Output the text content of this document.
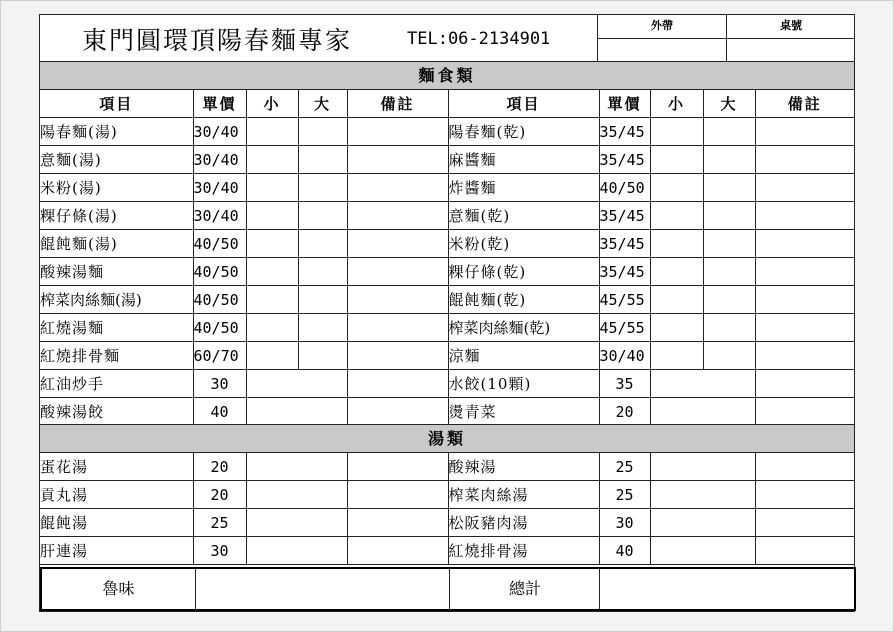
東門圓環頂陽春麵專家	TEL:06-2134901
外帶	桌號
麵食類
項目	單價	小	大	備註	項目	單價	小	大	備註
陽春麵(湯)	30/40				陽春麵(乾)	35/45			
意麵(湯)	30/40				麻醬麵	35/45			
米粉(湯)	30/40				炸醬麵	40/50			
粿仔條(湯)	30/40				意麵(乾)	35/45			
餛飩麵(湯)	40/50				米粉(乾)	35/45			
酸辣湯麵	40/50				粿仔條(乾)	35/45			
榨菜肉絲麵(湯)	40/50				餛飩麵(乾)	45/55			
紅燒湯麵	40/50				榨菜肉絲麵(乾)	45/55			
紅燒排骨麵	60/70				涼麵	30/40			
紅油炒手	30				水餃(10顆)	35			
酸辣湯餃	40				燙青菜	20			
湯類
蛋花湯	20			酸辣湯	25		
貢丸湯	20			榨菜肉絲湯	25		
餛飩湯	25			松阪豬肉湯	30		
肝連湯	30			紅燒排骨湯	40		
魯味	總計
